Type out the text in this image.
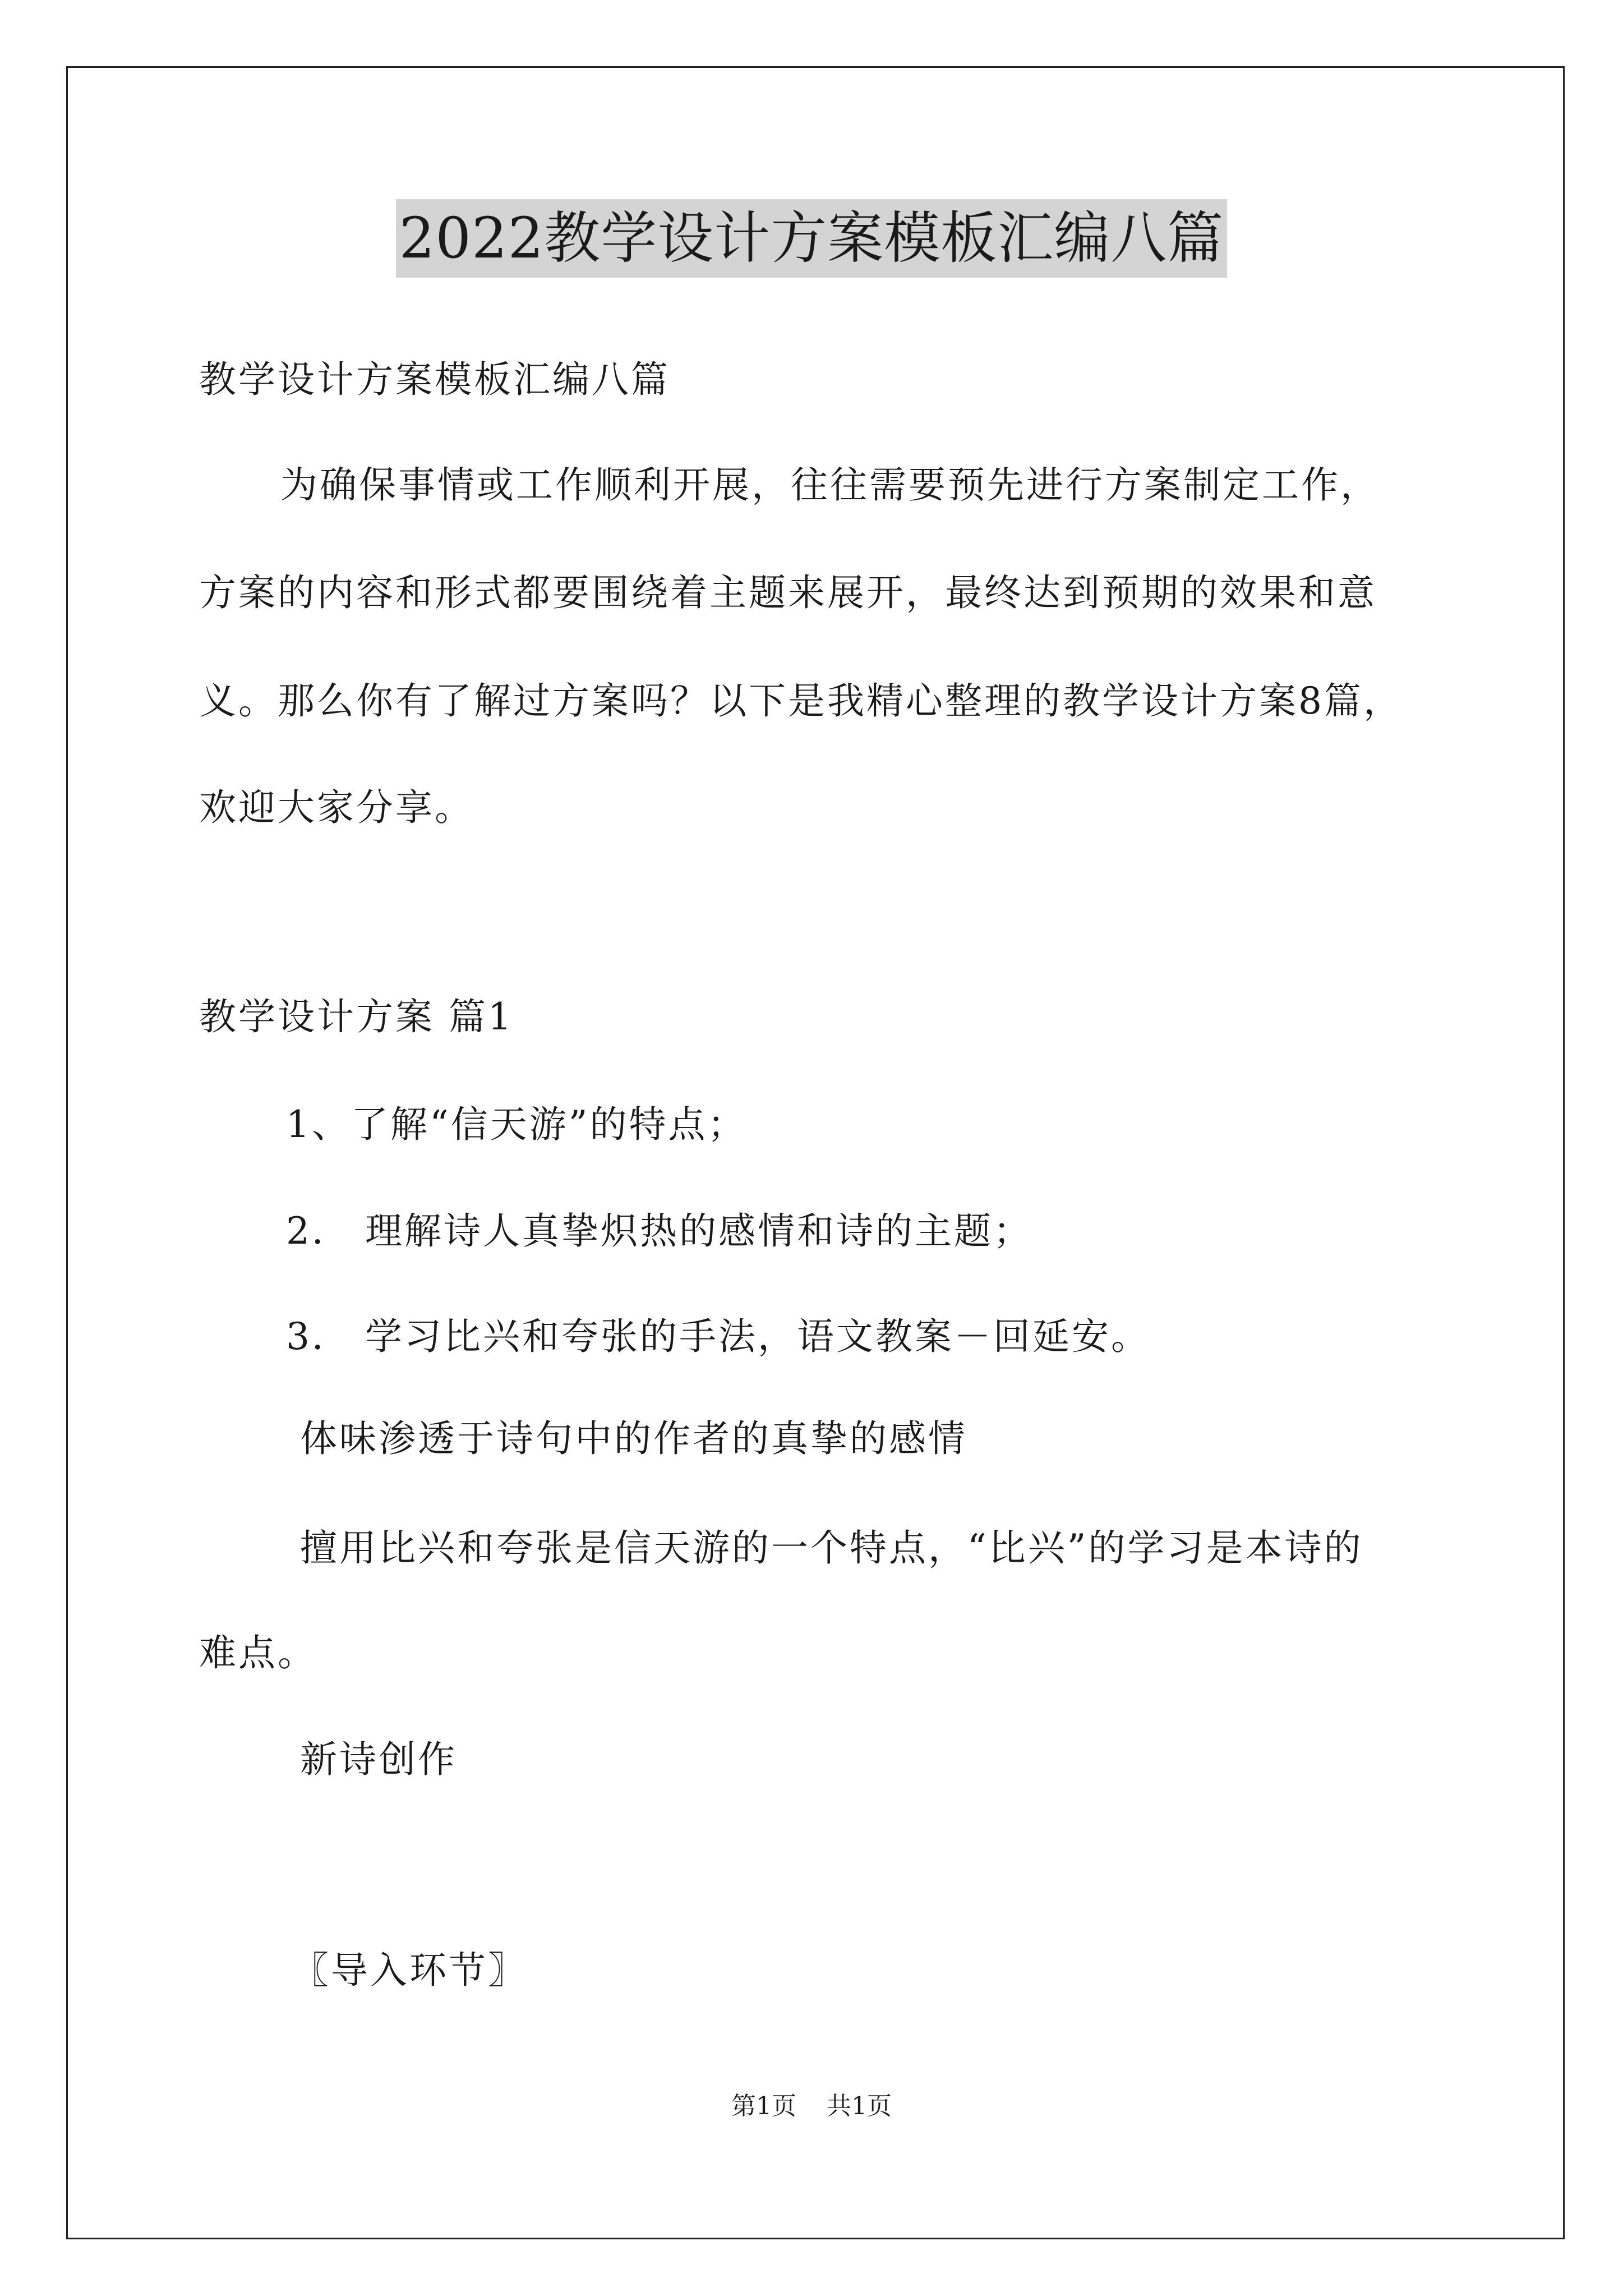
2022教学设计方案模板汇编八篇
教学设计方案模板汇编八篇
为确保事情或工作顺利开展，往往需要预先进行方案制定工作，
方案的内容和形式都要围绕着主题来展开，最终达到预期的效果和意
义。那么你有了解过方案吗？以下是我精心整理的教学设计方案8篇，
欢迎大家分享。
教学设计方案 篇1
1、了解“信天游”的特点；
2． 理解诗人真挚炽热的感情和诗的主题；
3． 学习比兴和夸张的手法，语文教案－回延安。
体味渗透于诗句中的作者的真挚的感情
擅用比兴和夸张是信天游的一个特点，“比兴”的学习是本诗的
难点。
新诗创作
〖导入环节〗
第1页 共1页
